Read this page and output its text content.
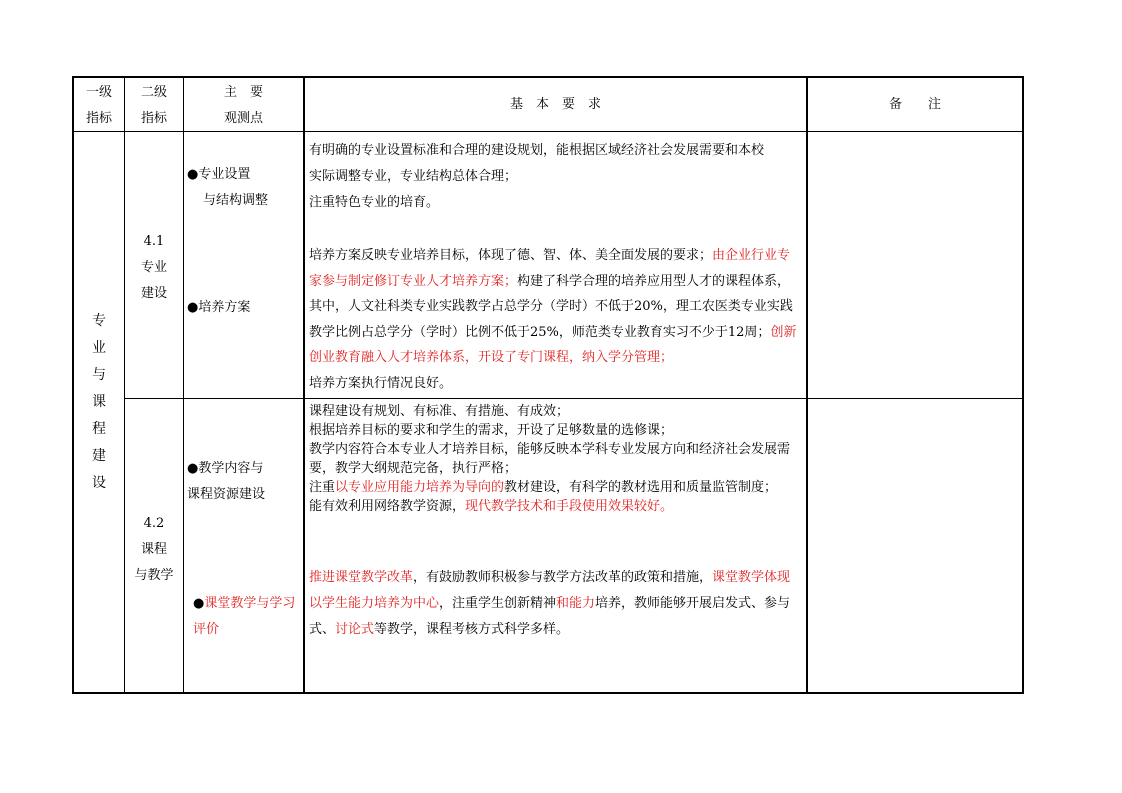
一级
指标
二级
指标
主　要
观测点
基　本　要　求	备　　注
专
业
与
课
程
建
设
4.1
专业
建设
●专业设置
与结构调整
●培养方案

有明确的专业设置标准和合理的建设规划，能根据区域经济社会发展需要和本校

实际调整专业，专业结构总体合理；

注重特色专业的培育。

培养方案反映专业培养目标，体现了德、智、体、美全面发展的要求；由企业行业专家参与制定修订专业人才培养方案；构建了科学合理的培养应用型人才的课程体系，其中，人文社科类专业实践教学占总学分（学时）不低于20%，理工农医类专业实践教学比例占总学分（学时）比例不低于25%，师范类专业教育实习不少于12周；创新创业教育融入人才培养体系，开设了专门课程，纳入学分管理；

培养方案执行情况良好。

4.2
课程
与教学
●教学内容与
课程资源建设
●课堂教学与学习评价

课程建设有规划、有标准、有措施、有成效；

根据培养目标的要求和学生的需求，开设了足够数量的选修课；

教学内容符合本专业人才培养目标，能够反映本学科专业发展方向和经济社会发展需要，教学大纲规范完备，执行严格；

注重以专业应用能力培养为导向的教材建设，有科学的教材选用和质量监管制度；

能有效利用网络教学资源，现代教学技术和手段使用效果较好。

推进课堂教学改革，有鼓励教师积极参与教学方法改革的政策和措施，课堂教学体现以学生能力培养为中心，注重学生创新精神和能力培养，教师能够开展启发式、参与式、讨论式等教学，课程考核方式科学多样。
